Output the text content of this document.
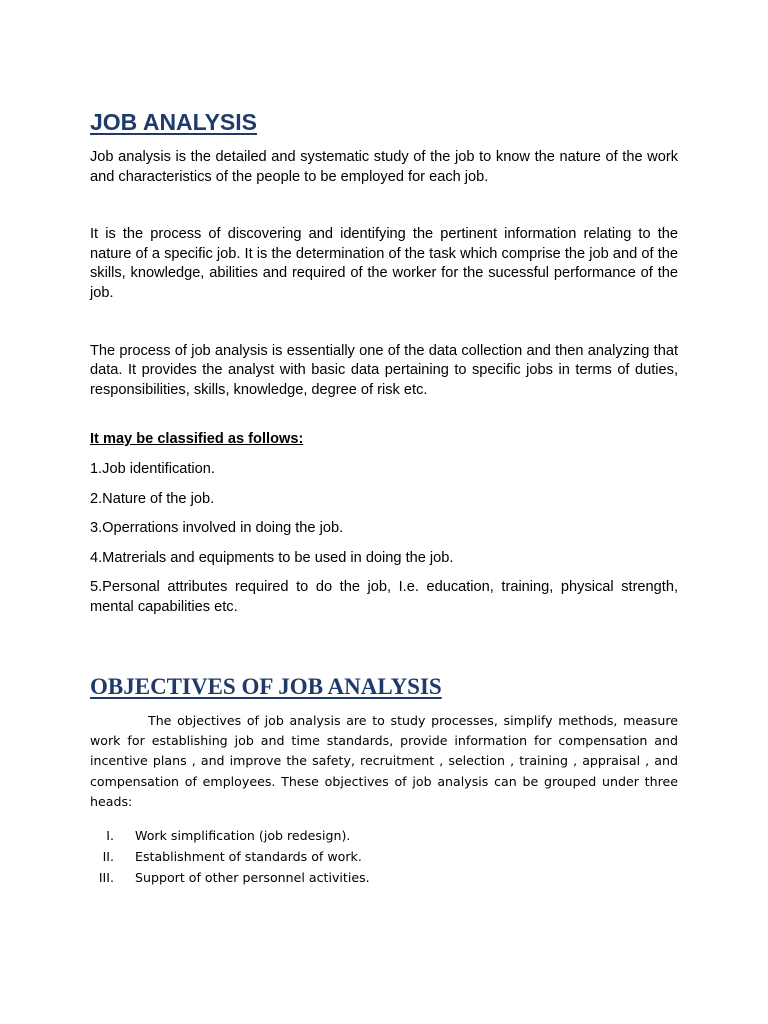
JOB ANALYSIS

Job analysis is the detailed and systematic study of the job to know the nature of the work and characteristics of the people to be employed for each job.

It is the process of discovering and identifying the pertinent information relating to the nature of a specific job. It is the determination of the task which comprise the job and of the skills, knowledge, abilities and required of the worker for the sucessful performance of the job.

The process of job analysis is essentially one of the data collection and then analyzing that data. It provides the analyst with basic data pertaining to specific jobs in terms of duties, responsibilities, skills, knowledge, degree of risk etc.

It may be classified as follows:
1.Job identification.
2.Nature of the job.
3.Operrations involved in doing the job.
4.Matrerials and equipments to be used in doing the job.
5.Personal attributes required to do the job, I.e. education, training, physical strength, mental capabilities etc.
OBJECTIVES OF JOB ANALYSIS

The objectives of job analysis are to study processes, simplify methods, measure work for establishing job and time standards, provide information for compensation and incentive plans , and improve the safety, recruitment , selection , training , appraisal , and compensation of employees. These objectives of job analysis can be grouped under three heads:

I. Work simplification (job redesign).
II. Establishment of standards of work.
III. Support of other personnel activities.
